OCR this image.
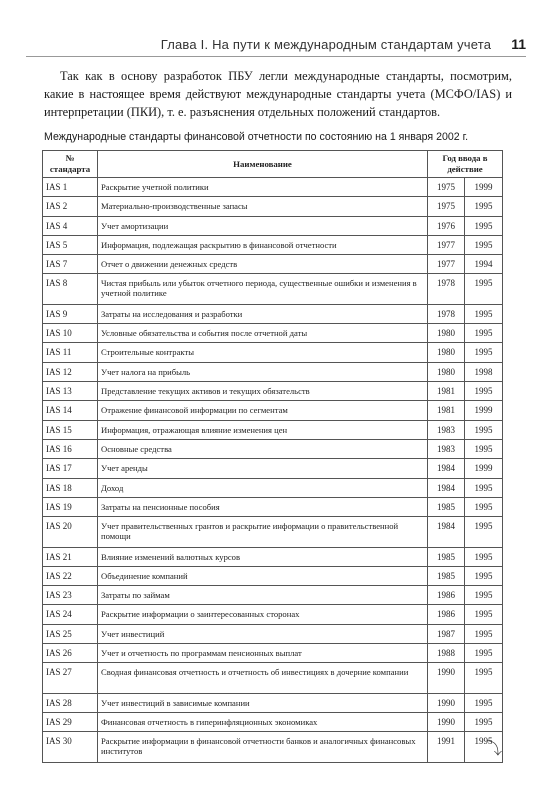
Глава I. На пути к международным стандартам учета 11

Так как в основу разработок ПБУ легли международные стандарты, посмотрим, какие в настоящее время действуют международные стандарты учета (МСФО/IAS) и интерпретации (ПКИ), т. е. разъяснения отдельных положений стандартов.

Международные стандарты финансовой отчетности по состоянию на 1 января 2002 г.

№ стандарта	Наименование	Год ввода в действие	
IAS 1	Раскрытие учетной политики	1975	1999
IAS 2	Материально-производственные запасы	1975	1995
IAS 4	Учет амортизации	1976	1995
IAS 5	Информация, подлежащая раскрытию в финансовой отчетности	1977	1995
IAS 7	Отчет о движении денежных средств	1977	1994
IAS 8	Чистая прибыль или убыток отчетного периода, существенные ошибки и изменения в учетной политике	1978	1995
IAS 9	Затраты на исследования и разработки	1978	1995
IAS 10	Условные обязательства и события после отчетной даты	1980	1995
IAS 11	Строительные контракты	1980	1995
IAS 12	Учет налога на прибыль	1980	1998
IAS 13	Представление текущих активов и текущих обязательств	1981	1995
IAS 14	Отражение финансовой информации по сегментам	1981	1999
IAS 15	Информация, отражающая влияние изменения цен	1983	1995
IAS 16	Основные средства	1983	1995
IAS 17	Учет аренды	1984	1999
IAS 18	Доход	1984	1995
IAS 19	Затраты на пенсионные пособия	1985	1995
IAS 20	Учет правительственных грантов и раскрытие информации о правительственной помощи	1984	1995
IAS 21	Влияние изменений валютных курсов	1985	1995
IAS 22	Объединение компаний	1985	1995
IAS 23	Затраты по займам	1986	1995
IAS 24	Раскрытие информации о заинтересованных сторонах	1986	1995
IAS 25	Учет инвестиций	1987	1995
IAS 26	Учет и отчетность по программам пенсионных выплат	1988	1995
IAS 27	Сводная финансовая отчетность и отчетность об инвестициях в дочерние компании	1990	1995
IAS 28	Учет инвестиций в зависимые компании	1990	1995
IAS 29	Финансовая отчетность в гиперинфляционных экономиках	1990	1995
IAS 30	Раскрытие информации в финансовой отчетности банков и аналогичных финансовых институтов	1991	1995
⤵
